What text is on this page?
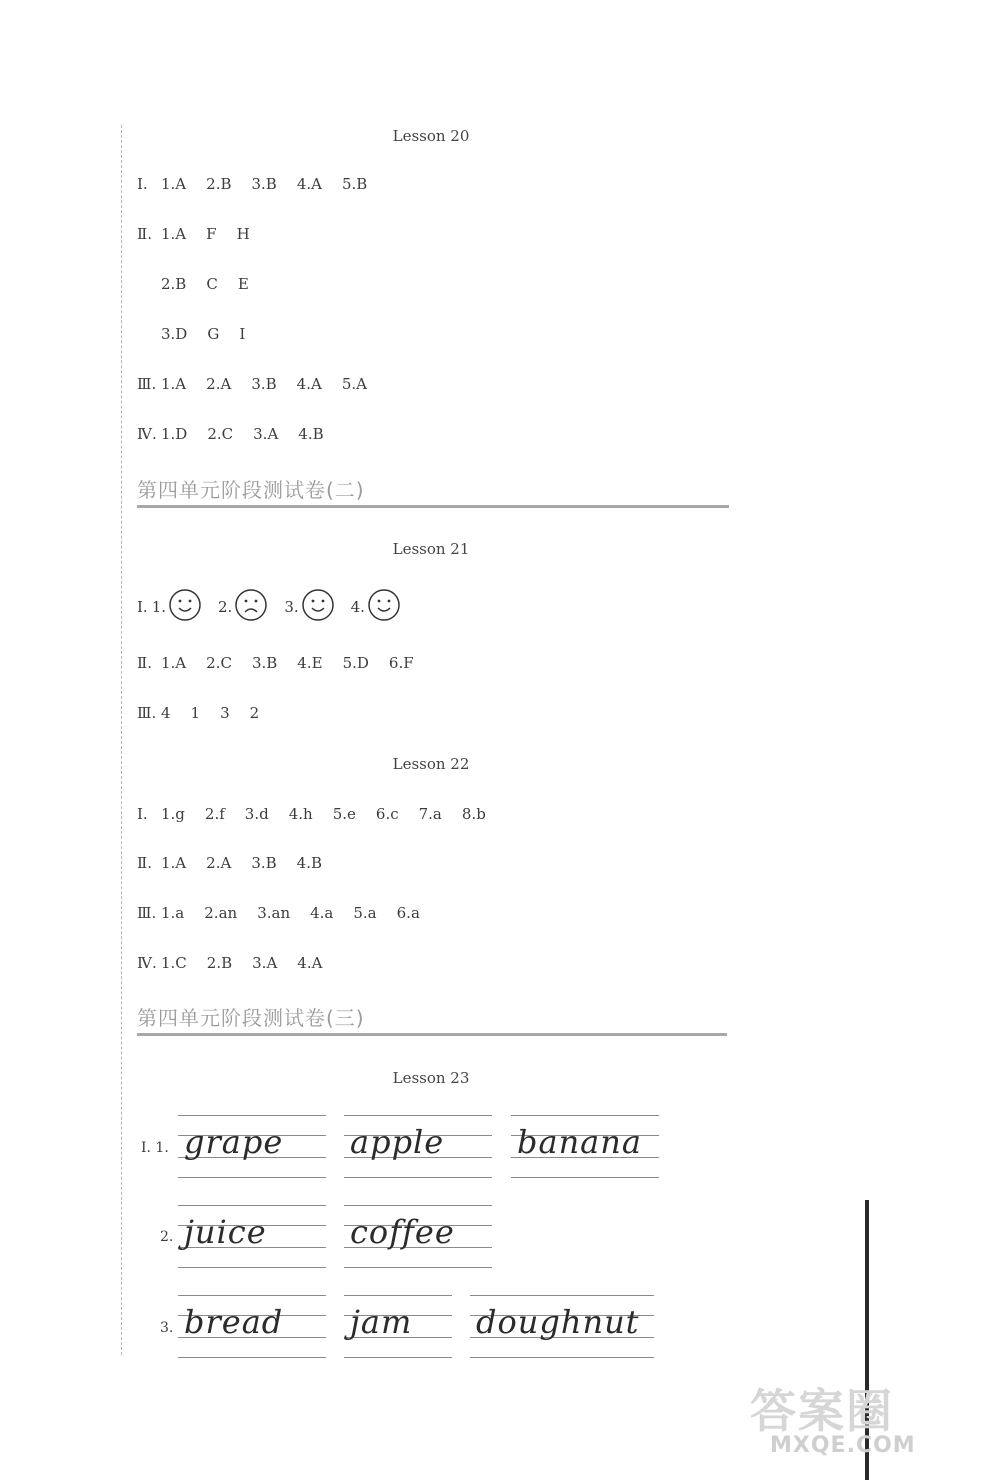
Lesson 20
Ⅰ. 1.A 2.B 3.B 4.A 5.B
Ⅱ. 1.A F H
2.B C E
3.D G I
Ⅲ. 1.A 2.A 3.B 4.A 5.A
Ⅳ. 1.D 2.C 3.A 4.B
第四单元阶段测试卷(二)
Lesson 21
Ⅰ. 1.	2.	3.	4.
Ⅱ. 1.A 2.C 3.B 4.E 5.D 6.F
Ⅲ. 4 1 3 2
Lesson 22
Ⅰ. 1.g 2.f 3.d 4.h 5.e 6.c 7.a 8.b
Ⅱ. 1.A 2.A 3.B 4.B
Ⅲ. 1.a 2.an 3.an 4.a 5.a 6.a
Ⅳ. 1.C 2.B 3.A 4.A
第四单元阶段测试卷(三)
Lesson 23
Ⅰ. 1.
2.
3.
grape apple banana
juice	coffee
bread jam doughnut
答案圈
MXQE.COM
